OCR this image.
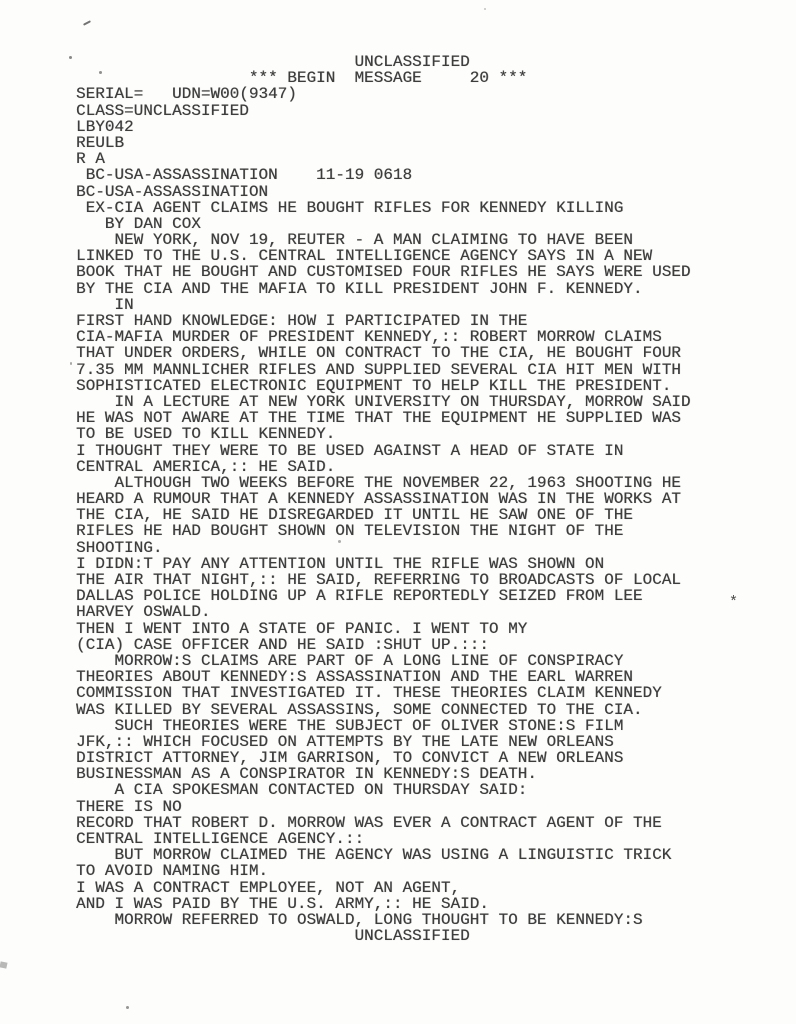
*
UNCLASSIFIED
*** BEGIN  MESSAGE     20 ***
SERIAL=   UDN=W00(9347)
CLASS=UNCLASSIFIED
LBY042
REULB
R A
BC-USA-ASSASSINATION    11-19 0618
BC-USA-ASSASSINATION
EX-CIA AGENT CLAIMS HE BOUGHT RIFLES FOR KENNEDY KILLING
BY DAN COX
NEW YORK, NOV 19, REUTER - A MAN CLAIMING TO HAVE BEEN
LINKED TO THE U.S. CENTRAL INTELLIGENCE AGENCY SAYS IN A NEW
BOOK THAT HE BOUGHT AND CUSTOMISED FOUR RIFLES HE SAYS WERE USED
BY THE CIA AND THE MAFIA TO KILL PRESIDENT JOHN F. KENNEDY.
IN
FIRST HAND KNOWLEDGE: HOW I PARTICIPATED IN THE
CIA-MAFIA MURDER OF PRESIDENT KENNEDY,:: ROBERT MORROW CLAIMS
THAT UNDER ORDERS, WHILE ON CONTRACT TO THE CIA, HE BOUGHT FOUR
7.35 MM MANNLICHER RIFLES AND SUPPLIED SEVERAL CIA HIT MEN WITH
SOPHISTICATED ELECTRONIC EQUIPMENT TO HELP KILL THE PRESIDENT.
IN A LECTURE AT NEW YORK UNIVERSITY ON THURSDAY, MORROW SAID
HE WAS NOT AWARE AT THE TIME THAT THE EQUIPMENT HE SUPPLIED WAS
TO BE USED TO KILL KENNEDY.
I THOUGHT THEY WERE TO BE USED AGAINST A HEAD OF STATE IN
CENTRAL AMERICA,:: HE SAID.
ALTHOUGH TWO WEEKS BEFORE THE NOVEMBER 22, 1963 SHOOTING HE
HEARD A RUMOUR THAT A KENNEDY ASSASSINATION WAS IN THE WORKS AT
THE CIA, HE SAID HE DISREGARDED IT UNTIL HE SAW ONE OF THE
RIFLES HE HAD BOUGHT SHOWN ON TELEVISION THE NIGHT OF THE
SHOOTING.
I DIDN:T PAY ANY ATTENTION UNTIL THE RIFLE WAS SHOWN ON
THE AIR THAT NIGHT,:: HE SAID, REFERRING TO BROADCASTS OF LOCAL
DALLAS POLICE HOLDING UP A RIFLE REPORTEDLY SEIZED FROM LEE
HARVEY OSWALD.
THEN I WENT INTO A STATE OF PANIC. I WENT TO MY
(CIA) CASE OFFICER AND HE SAID :SHUT UP.:::
MORROW:S CLAIMS ARE PART OF A LONG LINE OF CONSPIRACY
THEORIES ABOUT KENNEDY:S ASSASSINATION AND THE EARL WARREN
COMMISSION THAT INVESTIGATED IT. THESE THEORIES CLAIM KENNEDY
WAS KILLED BY SEVERAL ASSASSINS, SOME CONNECTED TO THE CIA.
SUCH THEORIES WERE THE SUBJECT OF OLIVER STONE:S FILM
JFK,:: WHICH FOCUSED ON ATTEMPTS BY THE LATE NEW ORLEANS
DISTRICT ATTORNEY, JIM GARRISON, TO CONVICT A NEW ORLEANS
BUSINESSMAN AS A CONSPIRATOR IN KENNEDY:S DEATH.
A CIA SPOKESMAN CONTACTED ON THURSDAY SAID:
THERE IS NO
RECORD THAT ROBERT D. MORROW WAS EVER A CONTRACT AGENT OF THE
CENTRAL INTELLIGENCE AGENCY.::
BUT MORROW CLAIMED THE AGENCY WAS USING A LINGUISTIC TRICK
TO AVOID NAMING HIM.
I WAS A CONTRACT EMPLOYEE, NOT AN AGENT,
AND I WAS PAID BY THE U.S. ARMY,:: HE SAID.
MORROW REFERRED TO OSWALD, LONG THOUGHT TO BE KENNEDY:S
UNCLASSIFIED
